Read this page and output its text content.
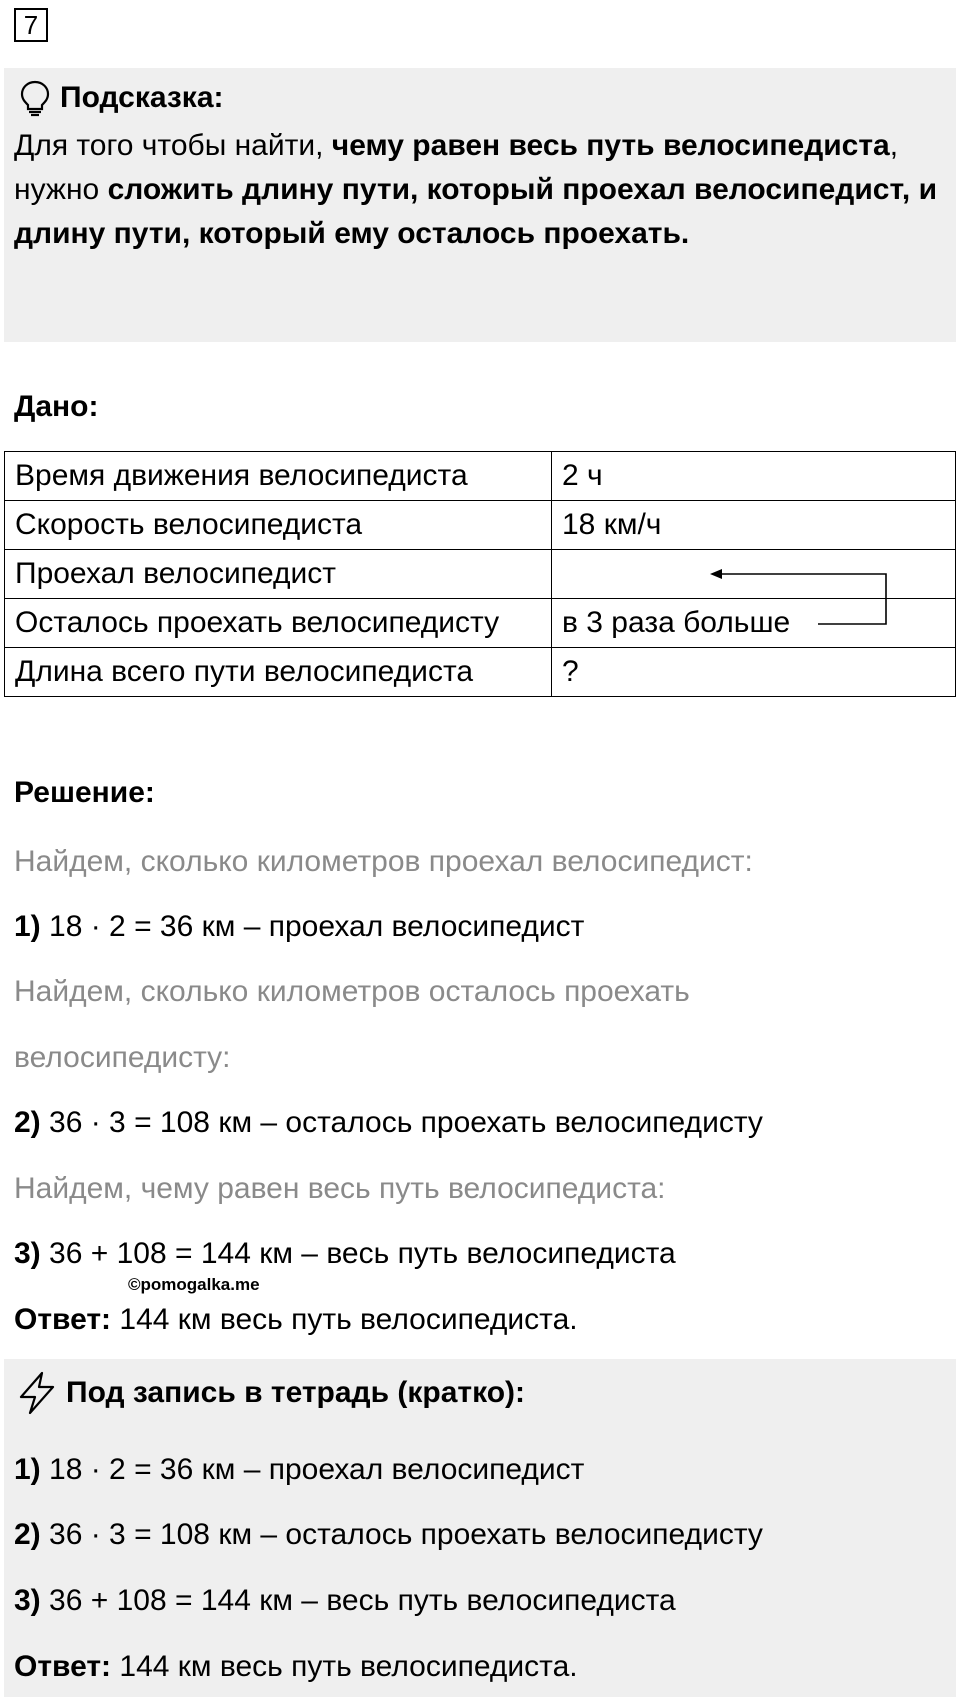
7
Подсказка:
Для того чтобы найти, чему равен весь путь велосипедиста, нужно сложить длину пути, который проехал велосипедист, и длину пути, который ему осталось проехать.
Дано:
Время движения велосипедиста	2 ч
Скорость велосипедиста	18 км/ч
Проехал велосипедист	
Осталось проехать велосипедисту	в 3 раза больше
Длина всего пути велосипедиста	?
Решение:
Найдем, сколько километров проехал велосипедист:
1) 18 · 2 = 36 км – проехал велосипедист
Найдем, сколько километров осталось проехать
велосипедисту:
2) 36 · 3 = 108 км – осталось проехать велосипедисту
Найдем, чему равен весь путь велосипедиста:
3) 36 + 108 = 144 км – весь путь велосипедиста
©pomogalka.me
Ответ: 144 км весь путь велосипедиста.
Под запись в тетрадь (кратко):
1) 18 · 2 = 36 км – проехал велосипедист
2) 36 · 3 = 108 км – осталось проехать велосипедисту
3) 36 + 108 = 144 км – весь путь велосипедиста
Ответ: 144 км весь путь велосипедиста.
